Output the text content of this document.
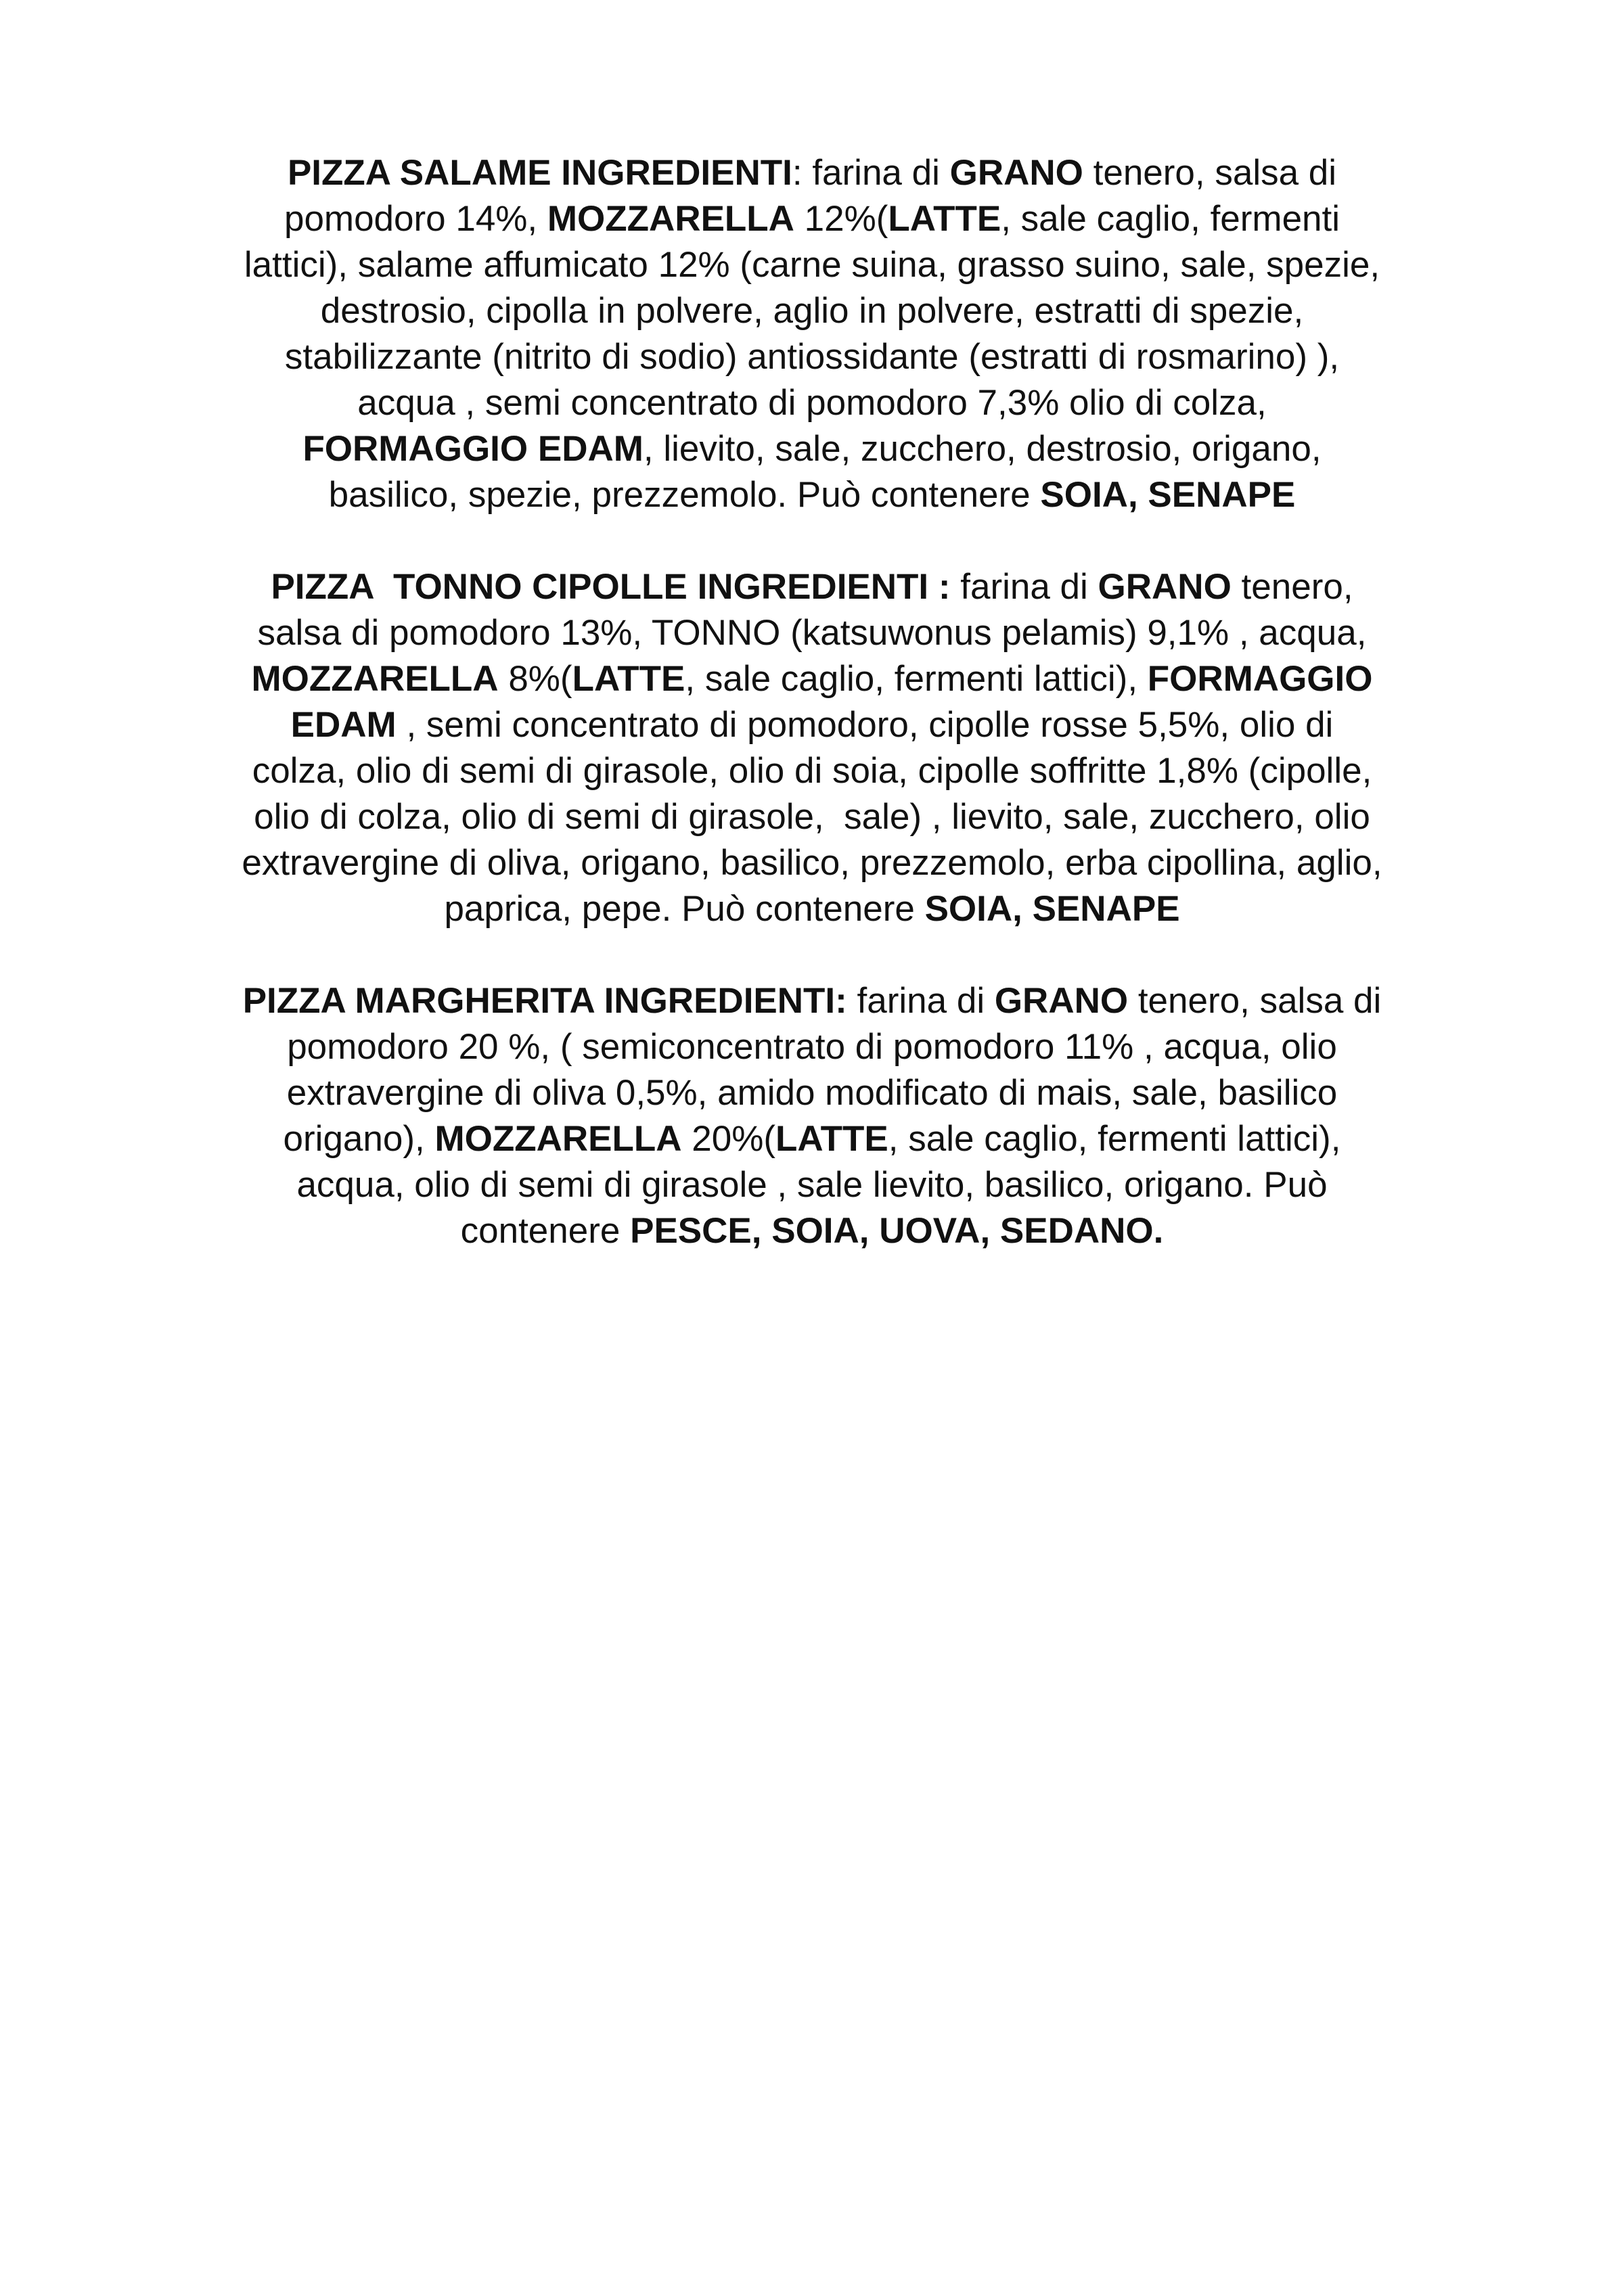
PIZZA SALAME INGREDIENTI: farina di GRANO tenero, salsa di
pomodoro 14%, MOZZARELLA 12%(LATTE, sale caglio, fermenti
lattici), salame affumicato 12% (carne suina, grasso suino, sale, spezie,
destrosio, cipolla in polvere, aglio in polvere, estratti di spezie,
stabilizzante (nitrito di sodio) antiossidante (estratti di rosmarino) ),
acqua , semi concentrato di pomodoro 7,3% olio di colza,
FORMAGGIO EDAM, lievito, sale, zucchero, destrosio, origano,
basilico, spezie, prezzemolo. Può contenere SOIA, SENAPE
PIZZA  TONNO CIPOLLE INGREDIENTI : farina di GRANO tenero,
salsa di pomodoro 13%, TONNO (katsuwonus pelamis) 9,1% , acqua,
MOZZARELLA 8%(LATTE, sale caglio, fermenti lattici), FORMAGGIO
EDAM , semi concentrato di pomodoro, cipolle rosse 5,5%, olio di
colza, olio di semi di girasole, olio di soia, cipolle soffritte 1,8% (cipolle,
olio di colza, olio di semi di girasole,  sale) , lievito, sale, zucchero, olio
extravergine di oliva, origano, basilico, prezzemolo, erba cipollina, aglio,
paprica, pepe. Può contenere SOIA, SENAPE
PIZZA MARGHERITA INGREDIENTI: farina di GRANO tenero, salsa di
pomodoro 20 %, ( semiconcentrato di pomodoro 11% , acqua, olio
extravergine di oliva 0,5%, amido modificato di mais, sale, basilico
origano), MOZZARELLA 20%(LATTE, sale caglio, fermenti lattici),
acqua, olio di semi di girasole , sale lievito, basilico, origano. Può
contenere PESCE, SOIA, UOVA, SEDANO.
